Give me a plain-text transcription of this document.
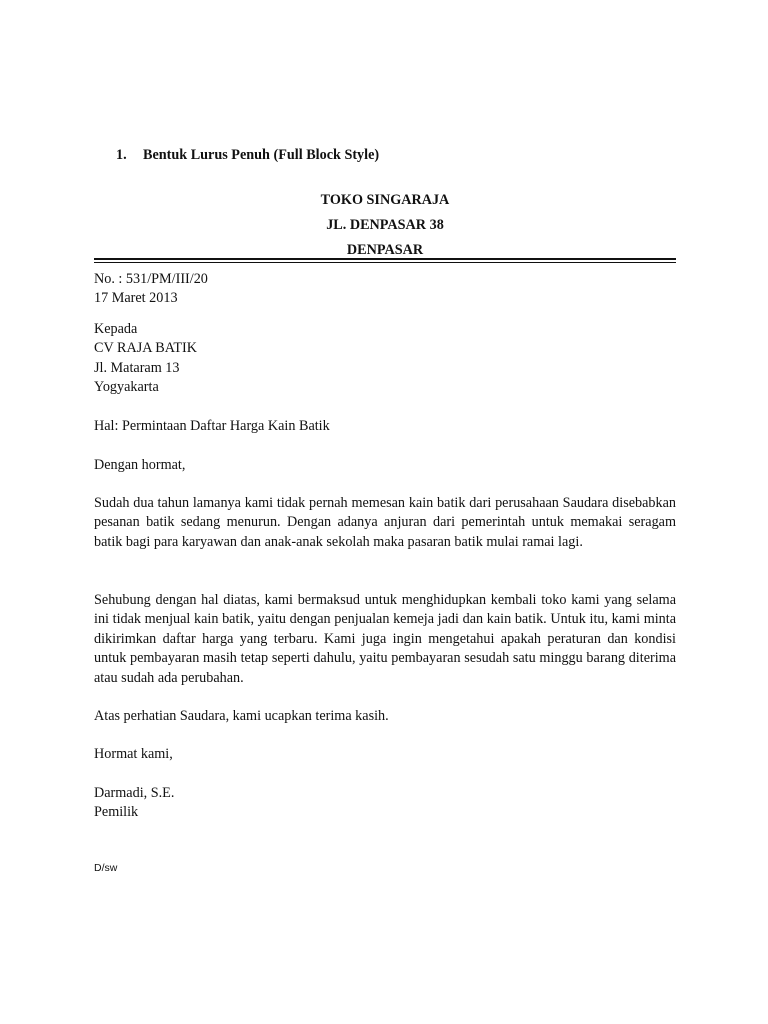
1. Bentuk Lurus Penuh (Full Block Style)
TOKO SINGARAJA
JL. DENPASAR 38
DENPASAR
No. : 531/PM/III/20
17 Maret 2013
Kepada
CV RAJA BATIK
Jl. Mataram 13
Yogyakarta
Hal: Permintaan Daftar Harga Kain Batik
Dengan hormat,
Sudah dua tahun lamanya kami tidak pernah memesan kain batik dari perusahaan Saudara disebabkan pesanan batik sedang menurun. Dengan adanya anjuran dari pemerintah untuk memakai seragam batik bagi para karyawan dan anak-anak sekolah maka pasaran batik mulai ramai lagi.
Sehubung dengan hal diatas, kami bermaksud untuk menghidupkan kembali toko kami yang selama ini tidak menjual kain batik, yaitu dengan penjualan kemeja jadi dan kain batik. Untuk itu, kami minta dikirimkan daftar harga yang terbaru. Kami juga ingin mengetahui apakah peraturan dan kondisi untuk pembayaran masih tetap seperti dahulu, yaitu pembayaran sesudah satu minggu barang diterima atau sudah ada perubahan.
Atas perhatian Saudara, kami ucapkan terima kasih.
Hormat kami,
Darmadi, S.E.
Pemilik
D/sw
